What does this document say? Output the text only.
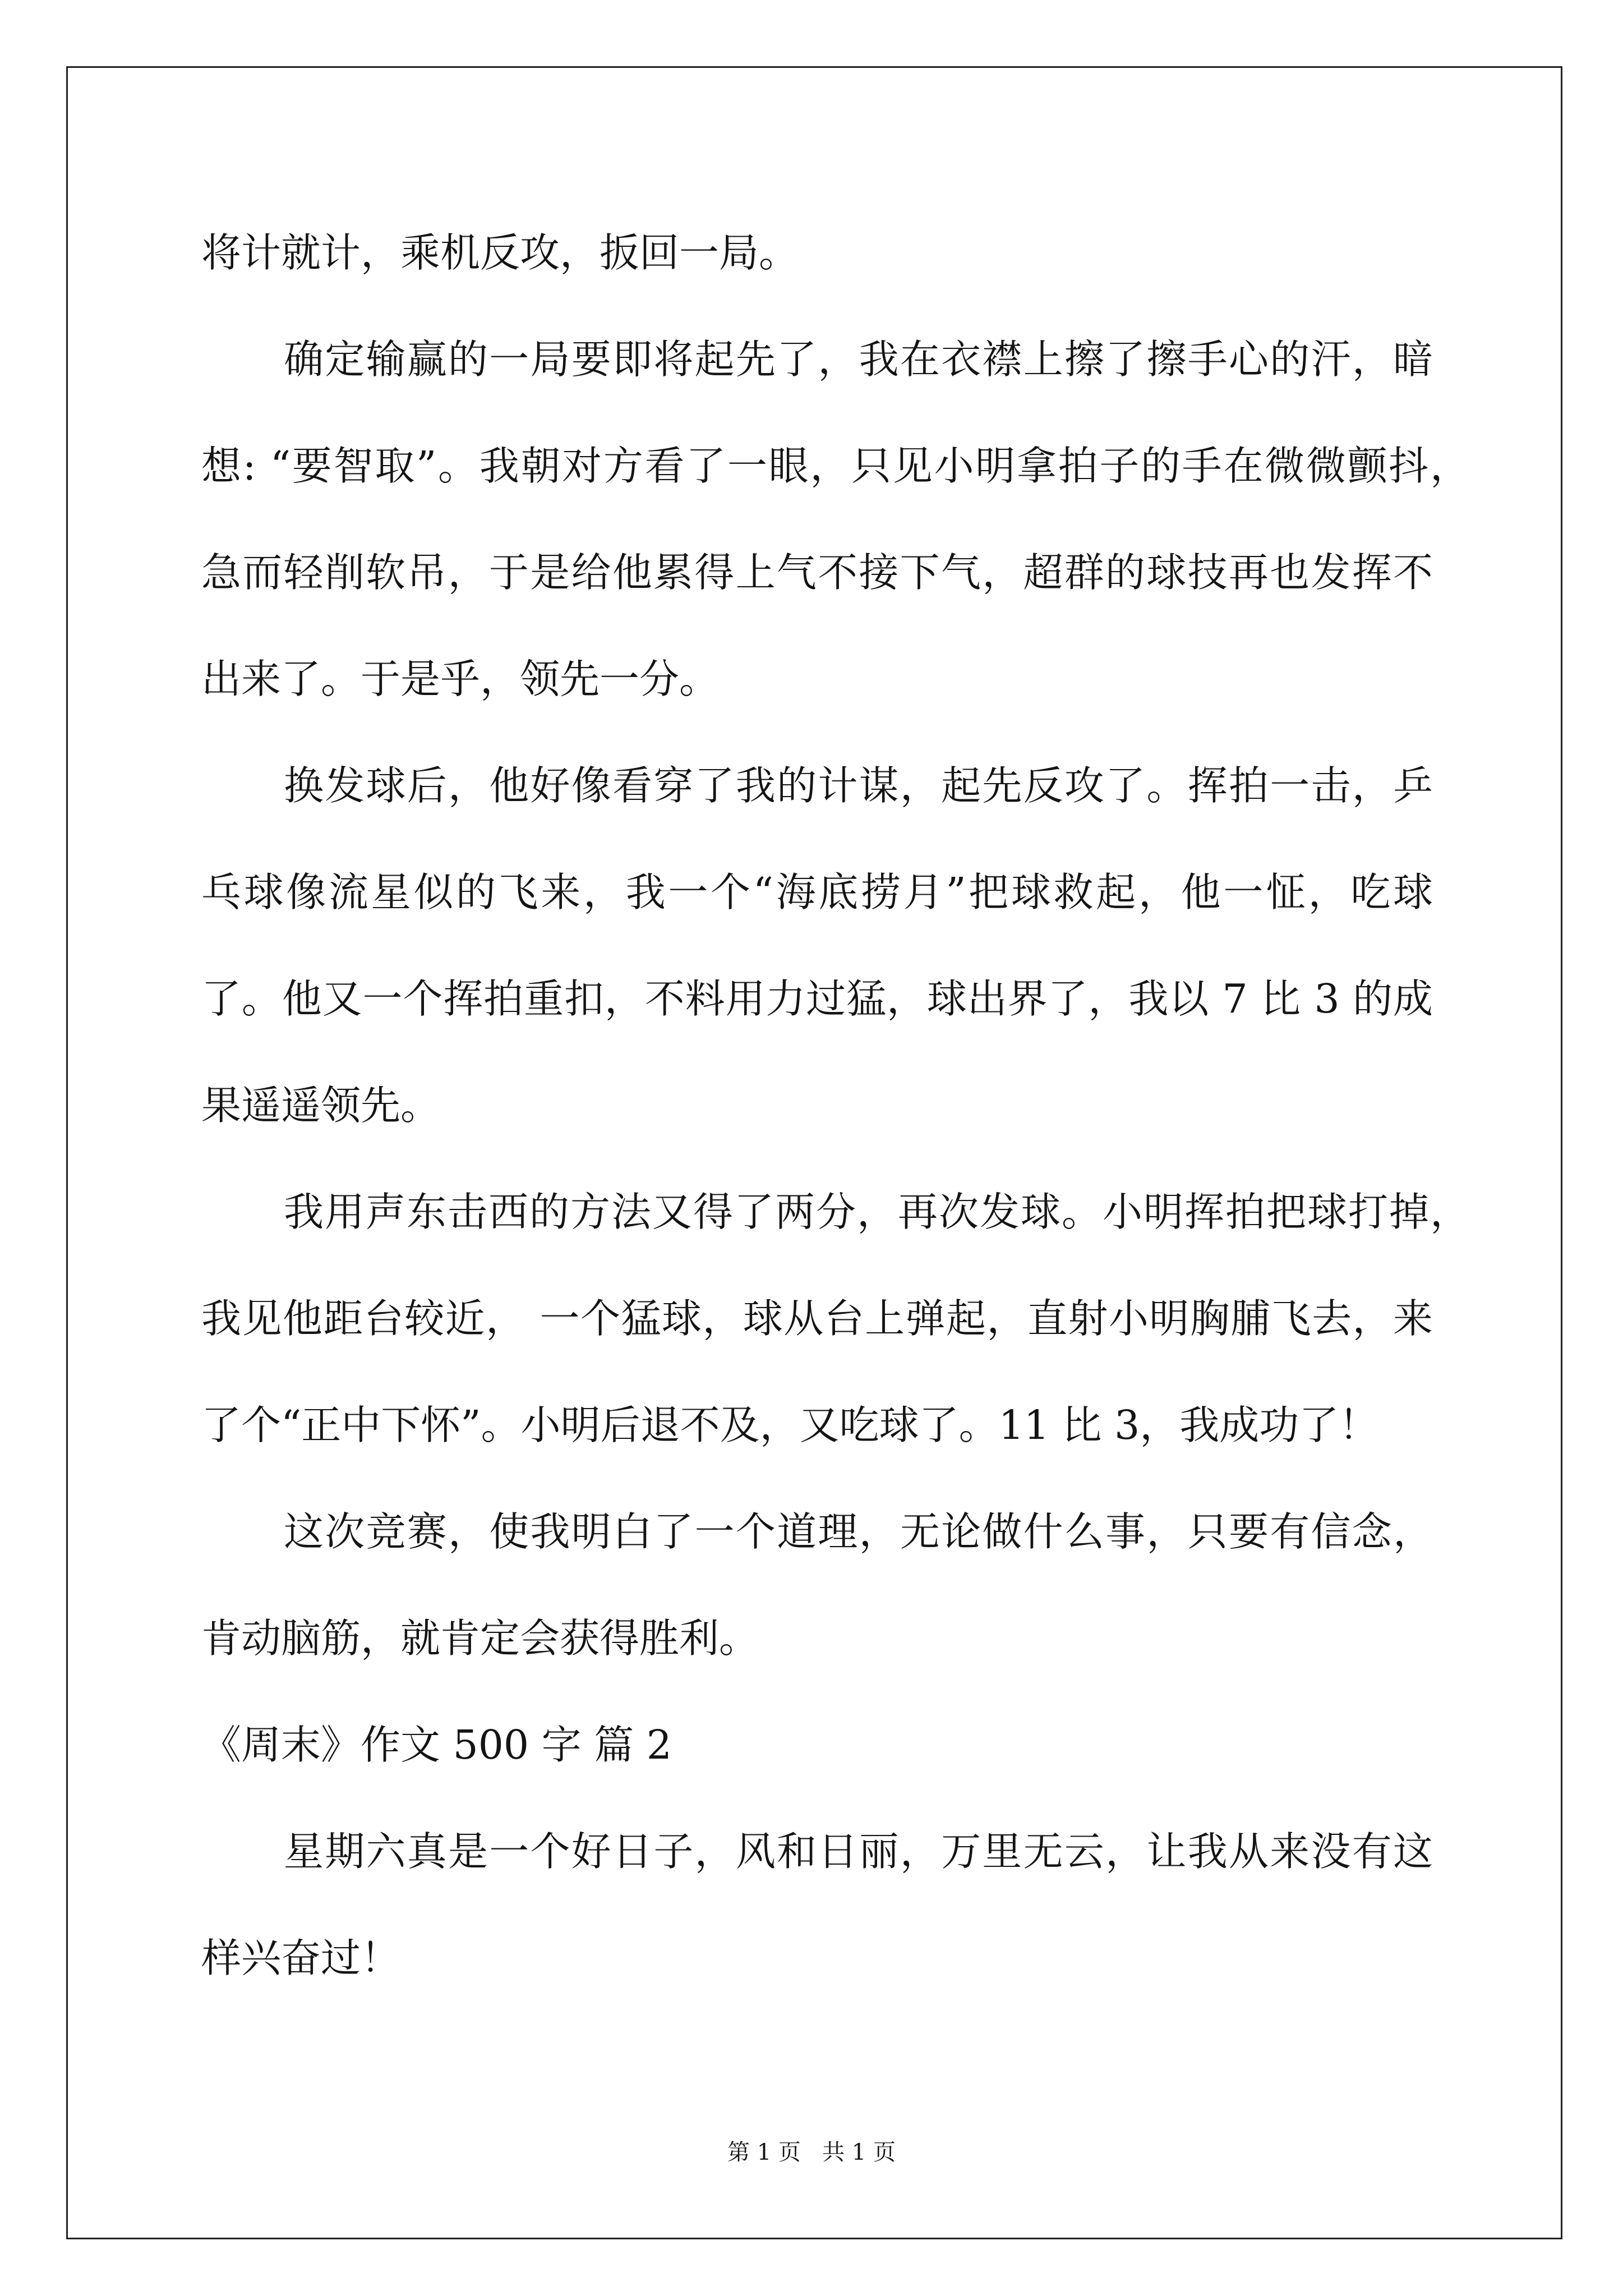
将计就计，乘机反攻，扳回一局。
确定输赢的一局要即将起先了，我在衣襟上擦了擦手心的汗，暗
想: “要智取”。我朝对方看了一眼，只见小明拿拍子的手在微微颤抖，
急而轻削软吊，于是给他累得上气不接下气，超群的球技再也发挥不
出来了。于是乎，领先一分。
换发球后，他好像看穿了我的计谋，起先反攻了。挥拍一击，乒
乓球像流星似的飞来，我一个“海底捞月”把球救起，他一怔，吃球
了。他又一个挥拍重扣，不料用力过猛，球出界了，我以 7 比 3 的成
果遥遥领先。
我用声东击西的方法又得了两分，再次发球。小明挥拍把球打掉，
我见他距台较近， 一个猛球，球从台上弹起，直射小明胸脯飞去，来
了个“正中下怀”。小明后退不及，又吃球了。11 比 3，我成功了！
这次竞赛，使我明白了一个道理，无论做什么事，只要有信念，
肯动脑筋，就肯定会获得胜利。
《周末》作文 500 字 篇 2
星期六真是一个好日子，风和日丽，万里无云，让我从来没有这
样兴奋过！
第 1 页   共 1 页
